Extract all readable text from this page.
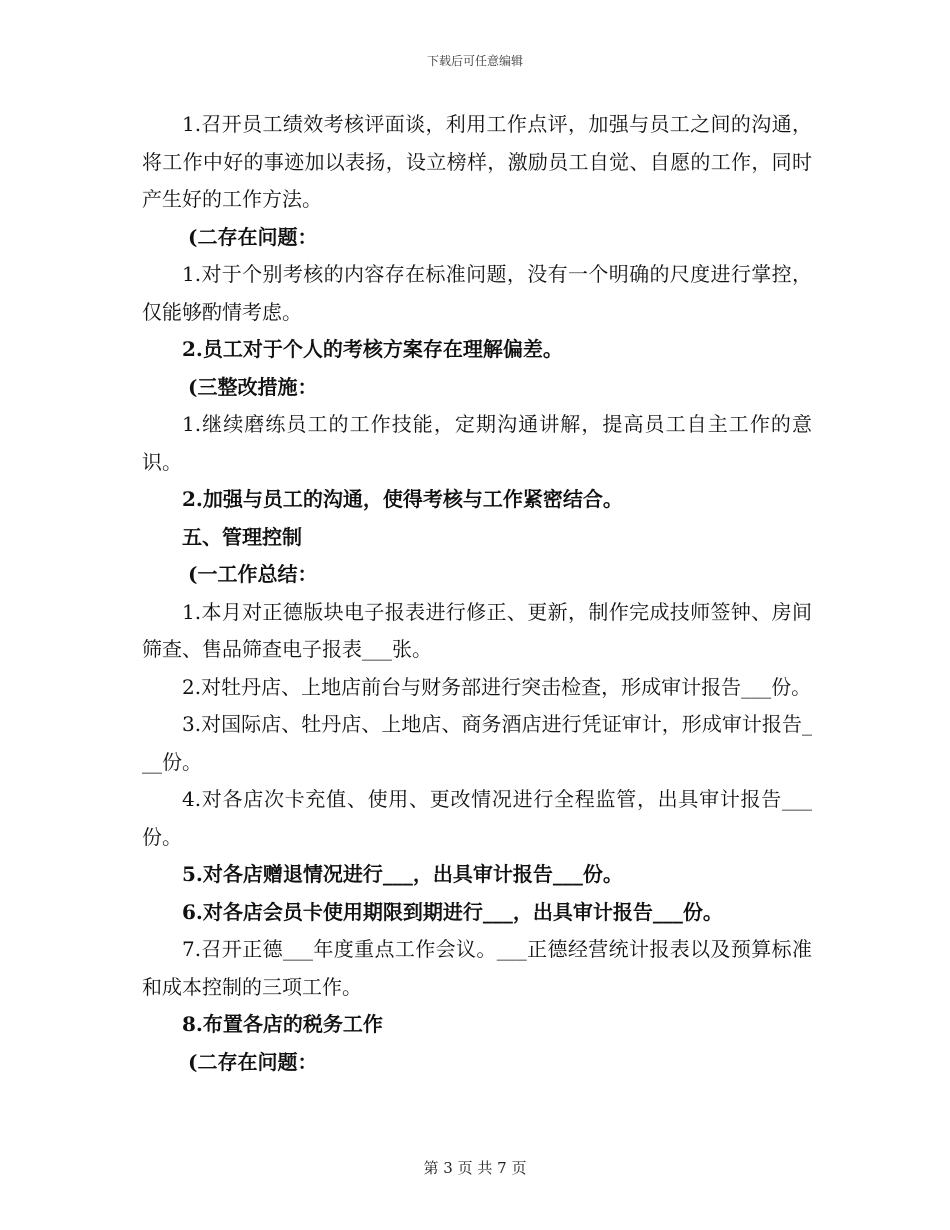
下载后可任意编辑

1.召开员工绩效考核评面谈，利用工作点评，加强与员工之间的沟通，将工作中好的事迹加以表扬，设立榜样，激励员工自觉、自愿的工作，同时产生好的工作方法。

(二存在问题：

1.对于个别考核的内容存在标准问题，没有一个明确的尺度进行掌控，仅能够酌情考虑。

2.员工对于个人的考核方案存在理解偏差。

(三整改措施：

1.继续磨练员工的工作技能，定期沟通讲解，提高员工自主工作的意识。

2.加强与员工的沟通，使得考核与工作紧密结合。

五、管理控制

(一工作总结：

1.本月对正德版块电子报表进行修正、更新，制作完成技师签钟、房间筛查、售品筛查电子报表___张。

2.对牡丹店、上地店前台与财务部进行突击检查，形成审计报告___份。

3.对国际店、牡丹店、上地店、商务酒店进行凭证审计，形成审计报告___份。

4.对各店次卡充值、使用、更改情况进行全程监管，出具审计报告___份。

5.对各店赠退情况进行___，出具审计报告___份。

6.对各店会员卡使用期限到期进行___，出具审计报告___份。

7.召开正德___年度重点工作会议。___正德经营统计报表以及预算标准和成本控制的三项工作。

8.布置各店的税务工作

(二存在问题：

第 3 页 共 7 页
